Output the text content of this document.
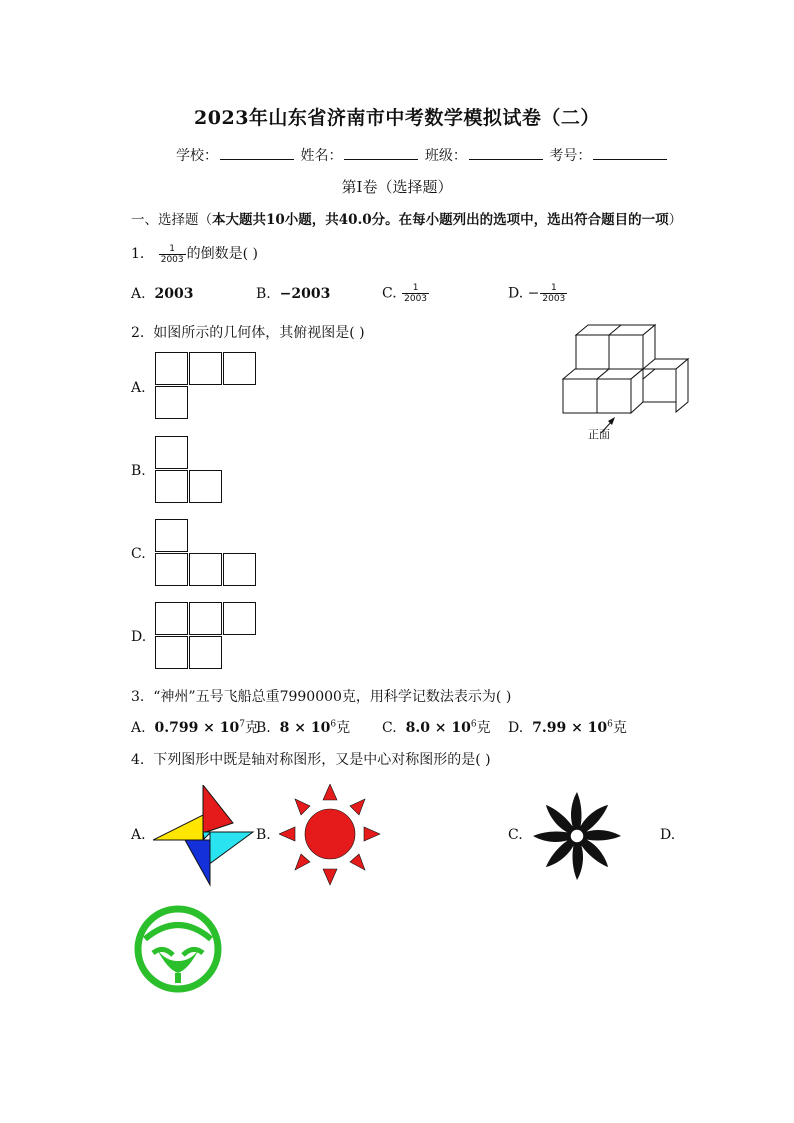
2023年山东省济南市中考数学模拟试卷（二）
学校：	姓名：	班级：	考号：
第Ⅰ卷（选择题）
一、选择题（本大题共10小题，共40.0分。在每小题列出的选项中，选出符合题目的一项）
1. $\frac{1}{2003}$ 的倒数是( )
A. 2003	B. −2003	C. $\frac{1}{2003}$	D. − $\frac{1}{2003}$
2. 如图所示的几何体，其俯视图是( )
正面
A.
B.
C.
D.
3. “神州”五号飞船总重7990000克，用科学记数法表示为( )
A. $0.799 \times 10^7$克
B. $8 \times 10^6$克 C. $8.0 \times 10^6$克 D. $7.99 \times 10^6$克
4. 下列图形中既是轴对称图形，又是中心对称图形的是( )
A.	B.	C.	D.
